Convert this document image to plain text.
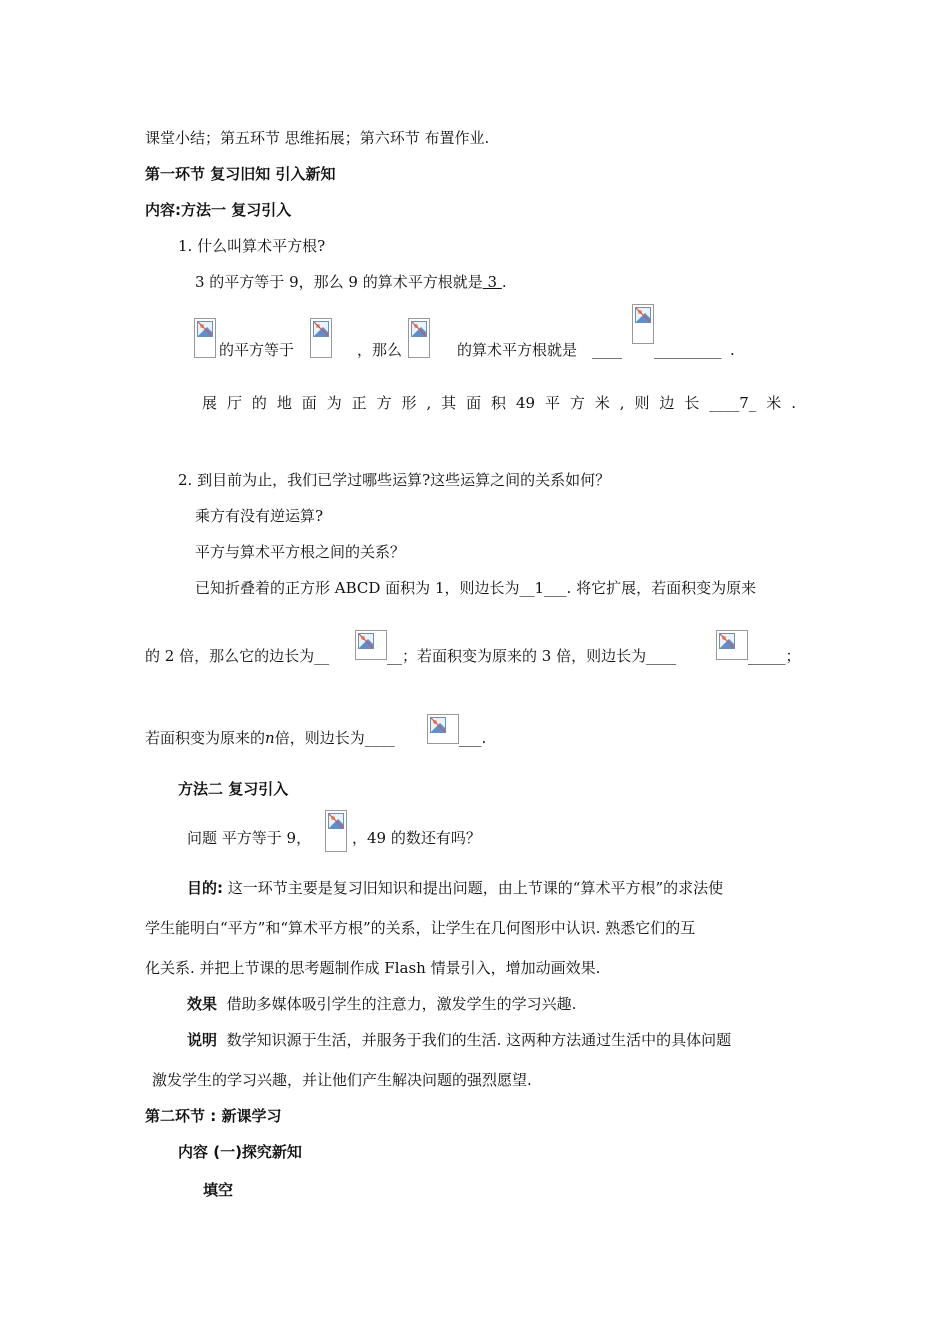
课堂小结；第五环节 思维拓展；第六环节 布置作业.
第一环节 复习旧知 引入新知
内容:方法一 复习引入
1. 什么叫算术平方根?
3 的平方等于 9，那么 9 的算术平方根就是 3 .
的平方等于	，那么	的算术平方根就是 ____ _________ .
展 厅 的 地 面 为 正 方 形 , 其 面 积 49 平 方 米 , 则 边 长 ____7_ 米 .
2. 到目前为止，我们已学过哪些运算?这些运算之间的关系如何？
乘方有没有逆运算?
平方与算术平方根之间的关系？
已知折叠着的正方形 ABCD 面积为 1，则边长为__1___. 将它扩展，若面积变为原来
的 2 倍，那么它的边长为__	__；若面积变为原来的 3 倍，则边长为____	_____；
若面积变为原来的n倍，则边长为____	___.
方法二 复习引入
问题 平方等于 9，	，49 的数还有吗？
目的: 这一环节主要是复习旧知识和提出问题，由上节课的“算术平方根”的求法使
学生能明白“平方”和“算术平方根”的关系，让学生在几何图形中认识. 熟悉它们的互
化关系. 并把上节课的思考题制作成 Flash 情景引入，增加动画效果.
效果 借助多媒体吸引学生的注意力，激发学生的学习兴趣.
说明 数学知识源于生活，并服务于我们的生活. 这两种方法通过生活中的具体问题
激发学生的学习兴趣，并让他们产生解决问题的强烈愿望.
第二环节 : 新课学习
内容 (一)探究新知
填空
